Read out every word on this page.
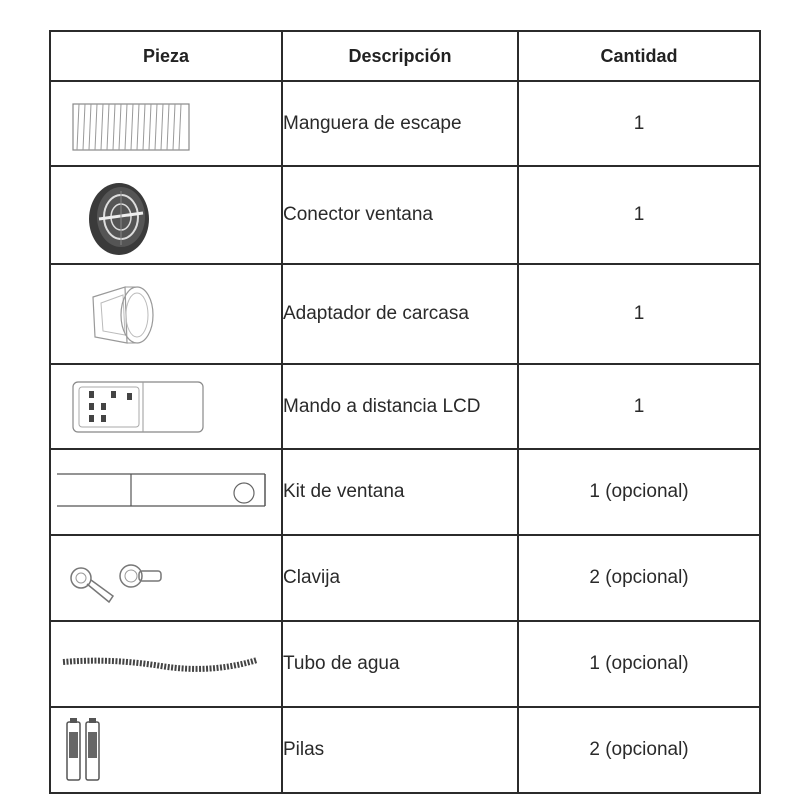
Pieza	Descripción	Cantidad

	Manguera de escape	1

	Conector ventana	1

	Adaptador de carcasa	1

	Mando a distancia LCD	1

	Kit de ventana	1 (opcional)

	Clavija	2 (opcional)

	Tubo de agua	1 (opcional)

	Pilas	2 (opcional)
